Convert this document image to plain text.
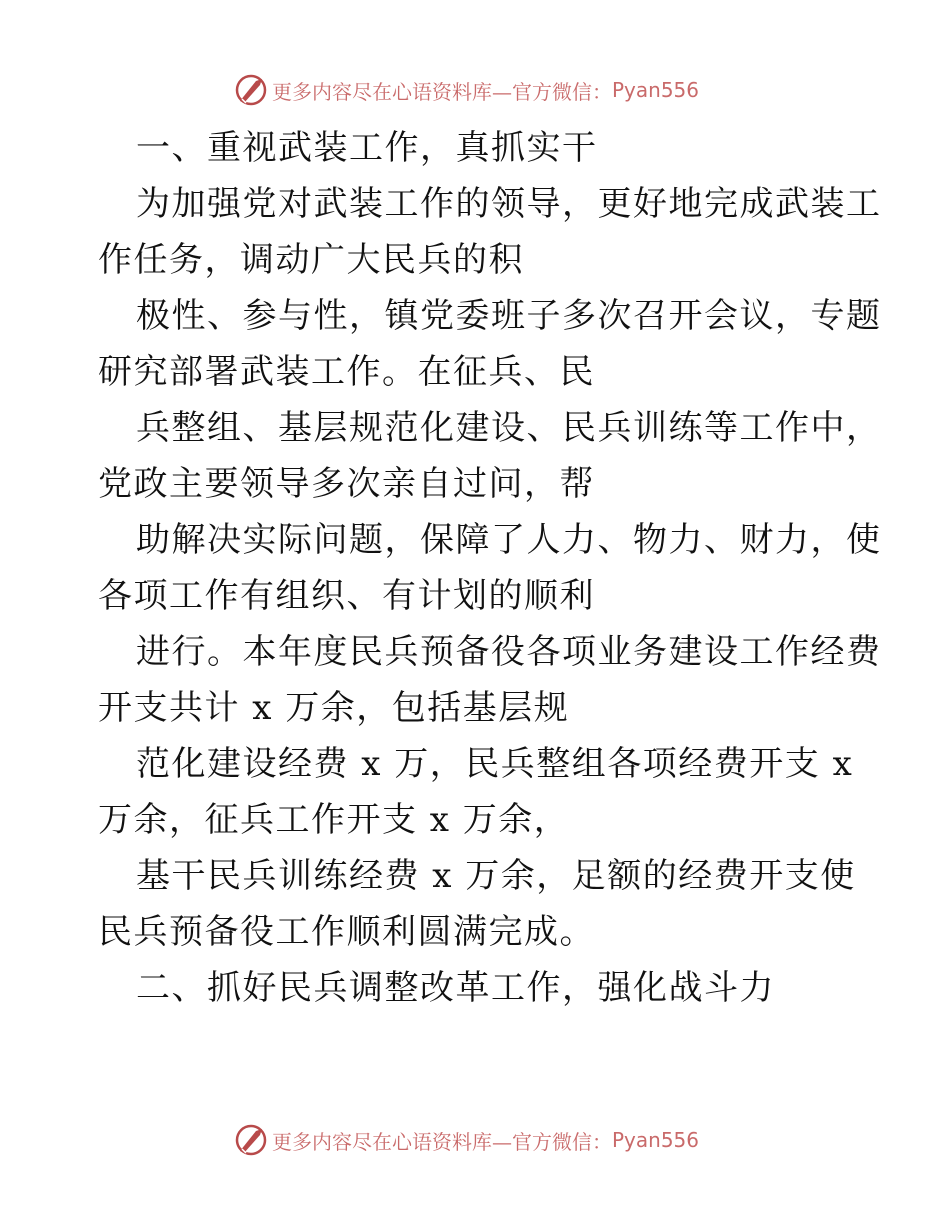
更多内容尽在心语资料库—官方微信： Pyan556
一、重视武装工作，真抓实干
为加强党对武装工作的领导，更好地完成武装工
作任务，调动广大民兵的积
极性、参与性，镇党委班子多次召开会议，专题
研究部署武装工作。在征兵、民
兵整组、基层规范化建设、民兵训练等工作中，
党政主要领导多次亲自过问，帮
助解决实际问题，保障了人力、物力、财力，使
各项工作有组织、有计划的顺利
进行。本年度民兵预备役各项业务建设工作经费
开支共计 x 万余，包括基层规
范化建设经费 x 万，民兵整组各项经费开支 x
万余，征兵工作开支 x 万余，
基干民兵训练经费 x 万余，足额的经费开支使
民兵预备役工作顺利圆满完成。
二、抓好民兵调整改革工作，强化战斗力
更多内容尽在心语资料库—官方微信： Pyan556
